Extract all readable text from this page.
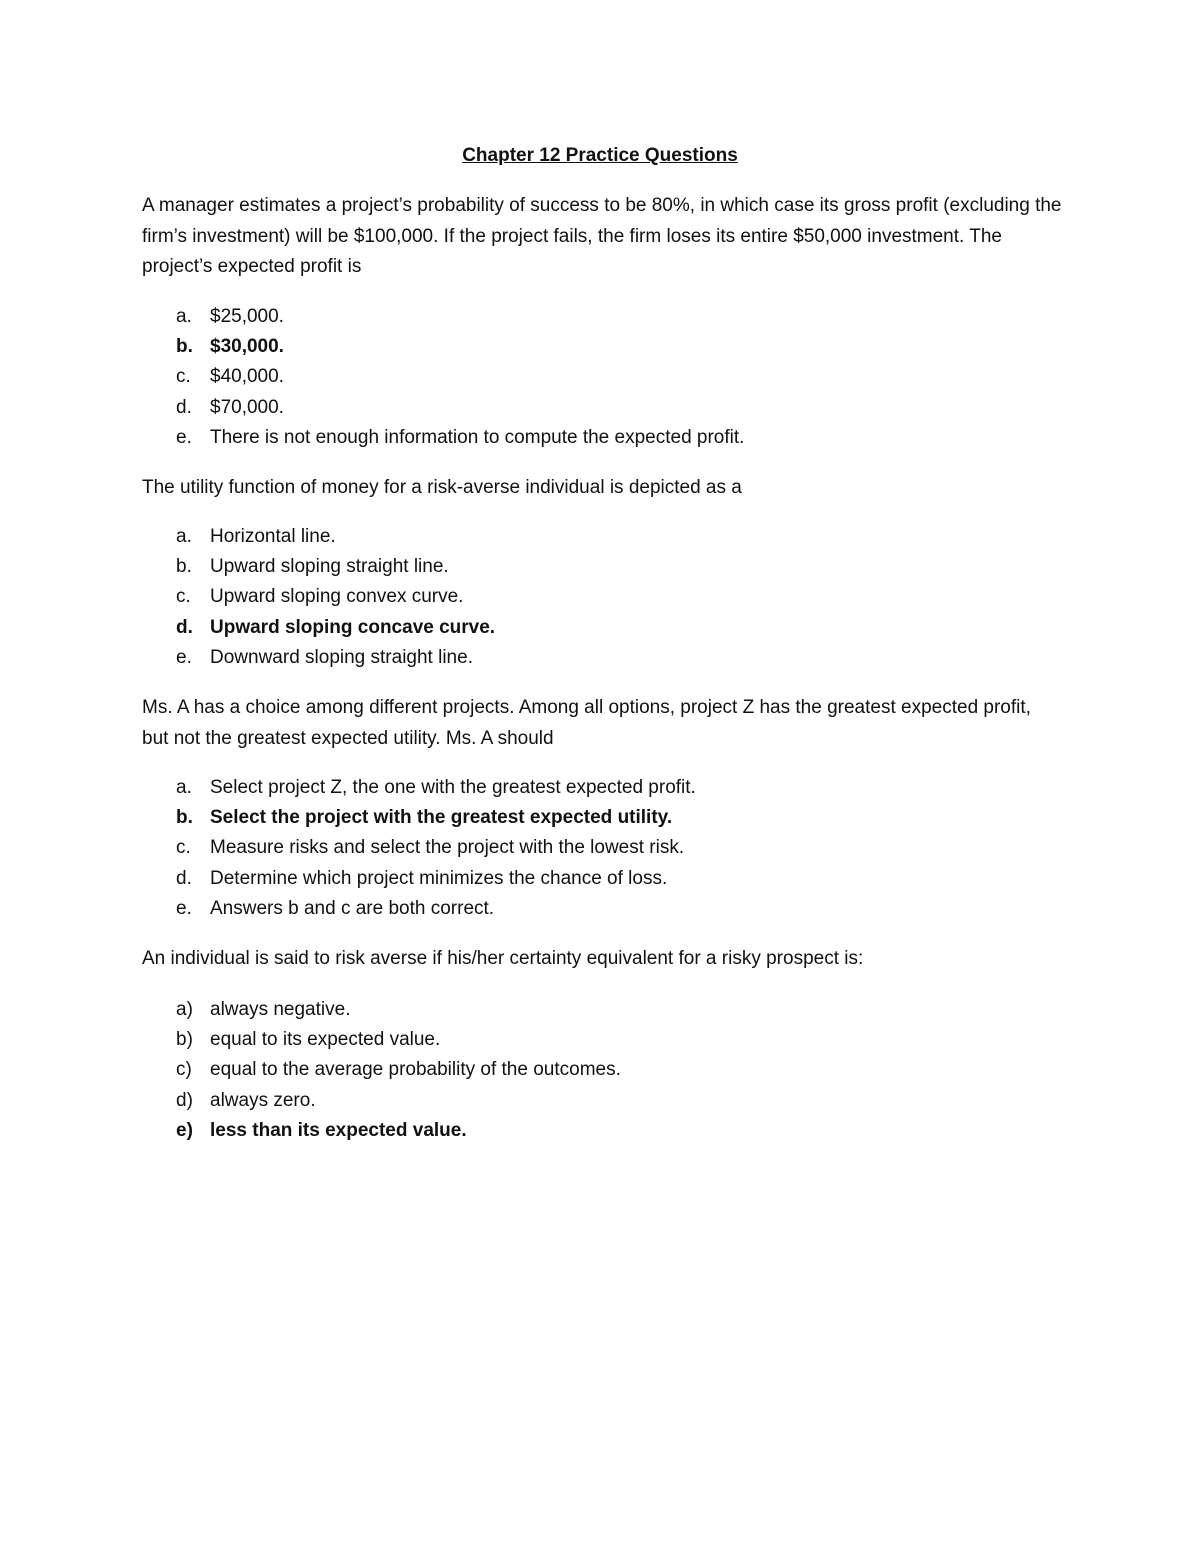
Chapter 12 Practice Questions
A manager estimates a project’s probability of success to be 80%, in which case its gross profit (excluding the firm’s investment) will be $100,000. If the project fails, the firm loses its entire $50,000 investment. The project’s expected profit is
a. $25,000.
b. $30,000.
c. $40,000.
d. $70,000.
e. There is not enough information to compute the expected profit.
The utility function of money for a risk-averse individual is depicted as a
a. Horizontal line.
b. Upward sloping straight line.
c. Upward sloping convex curve.
d. Upward sloping concave curve.
e. Downward sloping straight line.
Ms. A has a choice among different projects. Among all options, project Z has the greatest expected profit, but not the greatest expected utility. Ms. A should
a. Select project Z, the one with the greatest expected profit.
b. Select the project with the greatest expected utility.
c. Measure risks and select the project with the lowest risk.
d. Determine which project minimizes the chance of loss.
e. Answers b and c are both correct.
An individual is said to risk averse if his/her certainty equivalent for a risky prospect is:
a) always negative.
b) equal to its expected value.
c) equal to the average probability of the outcomes.
d) always zero.
e) less than its expected value.
